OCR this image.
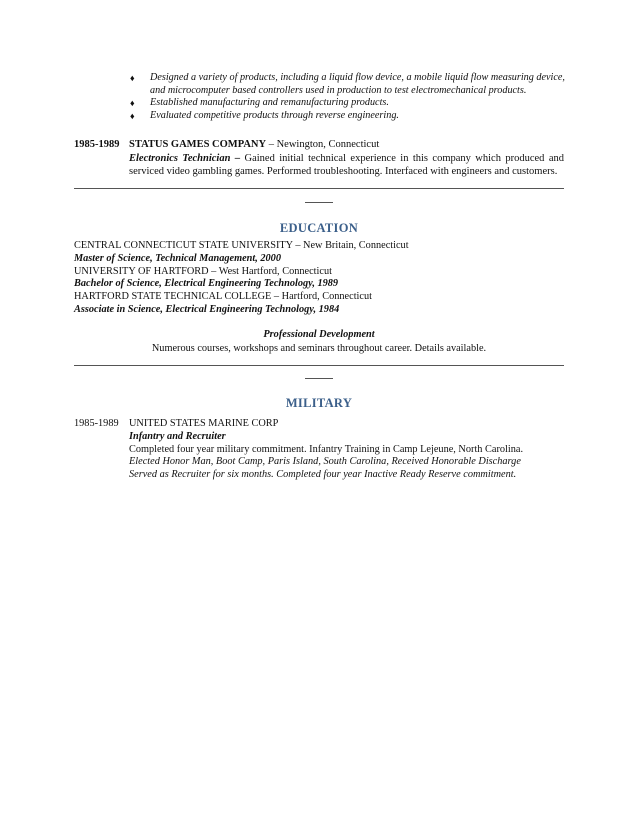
♦ Designed a variety of products, including a liquid flow device, a mobile liquid flow measuring device, and microcomputer based controllers used in production to test electromechanical products.
♦ Established manufacturing and remanufacturing products.
♦ Evaluated competitive products through reverse engineering.
1985-1989 STATUS GAMES COMPANY – Newington, Connecticut
Electronics Technician – Gained initial technical experience in this company which produced and serviced video gambling games. Performed troubleshooting. Interfaced with engineers and customers.
EDUCATION
CENTRAL CONNECTICUT STATE UNIVERSITY – New Britain, Connecticut
Master of Science, Technical Management, 2000
UNIVERSITY OF HARTFORD – West Hartford, Connecticut
Bachelor of Science, Electrical Engineering Technology, 1989
HARTFORD STATE TECHNICAL COLLEGE – Hartford, Connecticut
Associate in Science, Electrical Engineering Technology, 1984
Professional Development
Numerous courses, workshops and seminars throughout career. Details available.
MILITARY
1985-1989	UNITED STATES MARINE CORP
Infantry and Recruiter
Completed four year military commitment. Infantry Training in Camp Lejeune, North Carolina.
Elected Honor Man, Boot Camp, Paris Island, South Carolina, Received Honorable Discharge
Served as Recruiter for six months. Completed four year Inactive Ready Reserve commitment.
